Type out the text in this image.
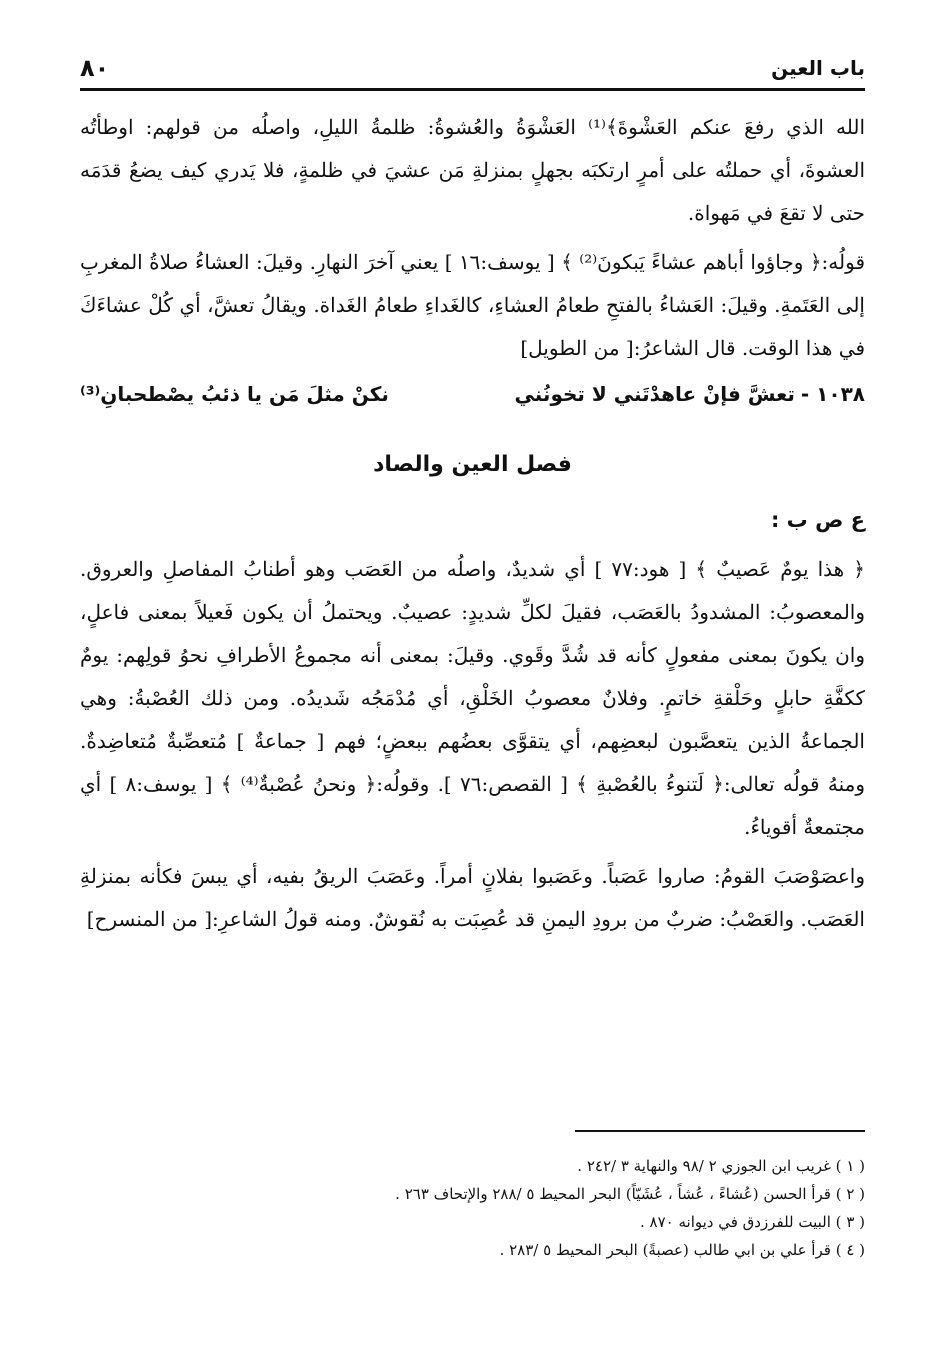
باب العين
٨٠

الله الذي رفعَ عنكم العَشْوةَ﴾⁽¹⁾ العَشْوَةُ والعُشوةُ: ظلمةُ الليلِ، واصلُه من قولهم: اوطأتُه العشوةَ، أي حملتُه على أمرٍ ارتكبَه بجهلٍ بمنزلةِ مَن عشيَ في ظلمةٍ، فلا يَدري كيف يضعُ قدَمَه حتى لا تقعَ في مَهواة.

قولُه:﴿ وجاؤوا أباهم عشاءً يَبكونَ⁽²⁾ ﴾ [ يوسف:١٦ ] يعني آخرَ النهارِ. وقيلَ: العشاءُ صلاةُ المغربِ إلى العَتَمةِ. وقيلَ: العَشاءُ بالفتحِ طعامُ العشاءِ، كالغَداءِ طعامُ الغَداة. ويقالُ تعشَّ، أي كُلْ عشاءَكَ في هذا الوقت. قال الشاعرُ:[ من الطويل]

١٠٣٨ -تعشَّ فإنْ عاهدْتَني لا تخونُني
نكنْ مثلَ مَن يا ذئبُ يصْطحبانِ⁽³⁾

فصل العين والصاد

ع ص ب :

﴿ هذا يومٌ عَصيبٌ ﴾ [ هود:٧٧ ] أي شديدٌ، واصلُه من العَصَب وهو أطنابُ المفاصلِ والعروق. والمعصوبُ: المشدودُ بالعَصَب، فقيلَ لكلِّ شديدٍ: عصيبٌ. ويحتملُ أن يكون فَعيلاً بمعنى فاعلٍ، وان يكونَ بمعنى مفعولٍ كأنه قد شُدَّ وقَوي. وقيلَ: بمعنى أنه مجموعُ الأطرافِ نحوُ قولِهم: يومٌ ككفَّةِ حابلٍ وحَلْقةِ خاتمٍ. وفلانٌ معصوبُ الخَلْقِ، أي مُدْمَجُه شَديدُه. ومن ذلك العُصْبةُ: وهي الجماعةُ الذين يتعصَّبون لبعضِهم، أي يتقوَّى بعضُهم ببعضٍ؛ فهم [ جماعةٌ ] مُتعصِّبةٌ مُتعاضِدةٌ. ومنهُ قولُه تعالى:﴿ لَتنوءُ بالعُصْبةِ ﴾ [ القصص:٧٦ ]. وقولُه:﴿ ونحنُ عُصْبةٌ⁽⁴⁾ ﴾ [ يوسف:٨ ] أي مجتمعةٌ أقوياءُ.

واعصَوْصَبَ القومُ: صاروا عَصَباً. وعَصَبوا بفلانٍ أمراً. وعَصَبَ الريقُ بفيه، أي يبسَ فكأنه بمنزلةِ العَصَب. والعَصْبُ: ضربٌ من برودِ اليمنِ قد عُصِبَت به نُقوشٌ. ومنه قولُ الشاعرِ:[ من المنسرح]

( ١ ) غريب ابن الجوزي ٢ /٩٨ والنهاية ٣ /٢٤٢ .

( ٢ ) قرأ الحسن (عُشاءً ، عُشاً ، عُشَيّاً) البحر المحيط ٥ /٢٨٨ والإتحاف ٢٦٣ .

( ٣ ) البيت للفرزدق في ديوانه ٨٧٠ .

( ٤ ) قرأ علي بن ابي طالب (عصبةً) البحر المحيط ٥ /٢٨٣ .
